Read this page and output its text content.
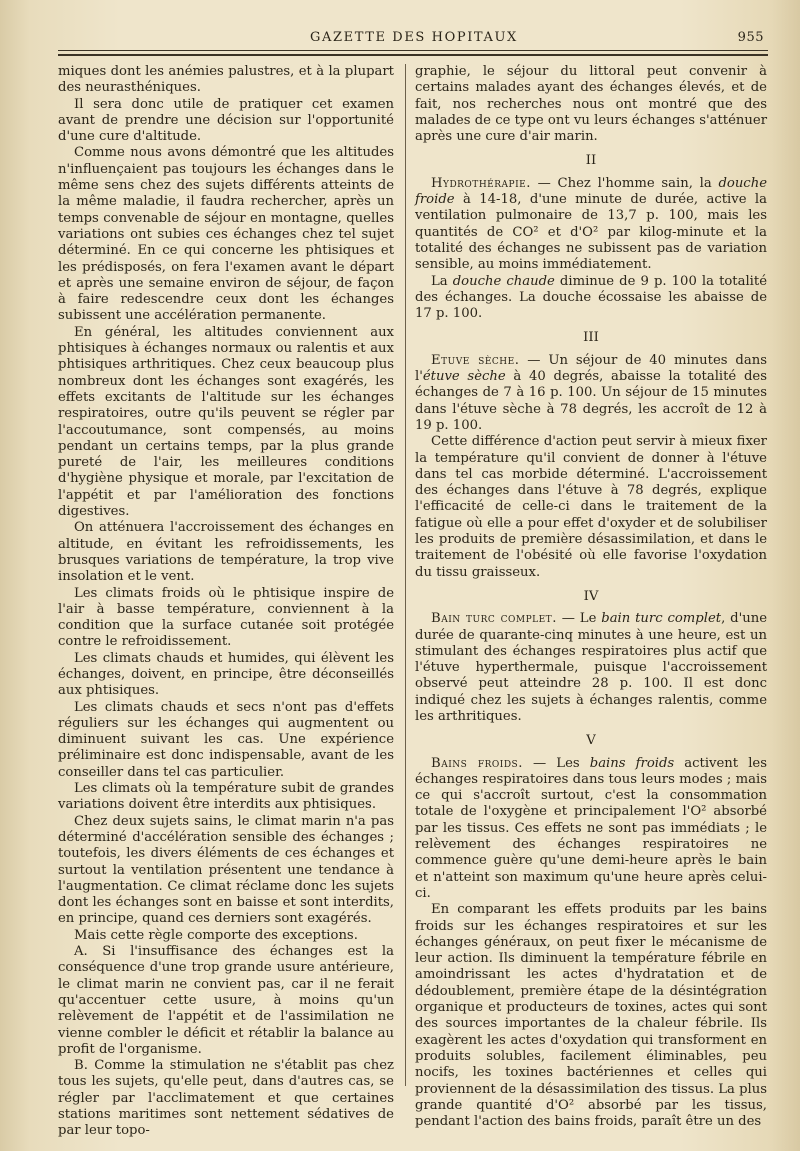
GAZETTE DES HOPITAUX	955

miques dont les anémies palustres, et à la plupart des neurasthéniques.

Il sera donc utile de pratiquer cet examen avant de prendre une décision sur l'opportunité d'une cure d'altitude.

Comme nous avons démontré que les altitudes n'influençaient pas toujours les échanges dans le même sens chez des sujets différents atteints de la même maladie, il faudra rechercher, après un temps convenable de séjour en montagne, quelles variations ont subies ces échanges chez tel sujet déterminé. En ce qui concerne les phtisiques et les prédisposés, on fera l'examen avant le départ et après une semaine environ de séjour, de façon à faire redescendre ceux dont les échanges subissent une accélération permanente.

En général, les altitudes conviennent aux phtisiques à échanges normaux ou ralentis et aux phtisiques arthritiques. Chez ceux beaucoup plus nombreux dont les échanges sont exagérés, les effets excitants de l'altitude sur les échanges respiratoires, outre qu'ils peuvent se régler par l'accoutumance, sont compensés, au moins pendant un certains temps, par la plus grande pureté de l'air, les meilleures conditions d'hygiène physique et morale, par l'excitation de l'appétit et par l'amélioration des fonctions digestives.

On atténuera l'accroissement des échanges en altitude, en évitant les refroidissements, les brusques variations de température, la trop vive insolation et le vent.

Les climats froids où le phtisique inspire de l'air à basse température, conviennent à la condition que la surface cutanée soit protégée contre le refroidissement.

Les climats chauds et humides, qui élèvent les échanges, doivent, en principe, être déconseillés aux phtisiques.

Les climats chauds et secs n'ont pas d'effets réguliers sur les échanges qui augmentent ou diminuent suivant les cas. Une expérience préliminaire est donc indispensable, avant de les conseiller dans tel cas particulier.

Les climats où la température subit de grandes variations doivent être interdits aux phtisiques.

Chez deux sujets sains, le climat marin n'a pas déterminé d'accélération sensible des échanges ; toutefois, les divers éléments de ces échanges et surtout la ventilation présentent une tendance à l'augmentation. Ce climat réclame donc les sujets dont les échanges sont en baisse et sont interdits, en principe, quand ces derniers sont exagérés.

Mais cette règle comporte des exceptions.

A. Si l'insuffisance des échanges est la conséquence d'une trop grande usure antérieure, le climat marin ne convient pas, car il ne ferait qu'accentuer cette usure, à moins qu'un relèvement de l'appétit et de l'assimilation ne vienne combler le déficit et rétablir la balance au profit de l'organisme.

B. Comme la stimulation ne s'établit pas chez tous les sujets, qu'elle peut, dans d'autres cas, se régler par l'acclimatement et que certaines stations maritimes sont nettement sédatives de par leur topo-

graphie, le séjour du littoral peut convenir à certains malades ayant des échanges élevés, et de fait, nos recherches nous ont montré que des malades de ce type ont vu leurs échanges s'atténuer après une cure d'air marin.

II

Hydrothérapie. — Chez l'homme sain, la douche froide à 14-18, d'une minute de durée, active la ventilation pulmonaire de 13,7 p. 100, mais les quantités de CO² et d'O² par kilog-minute et la totalité des échanges ne subissent pas de variation sensible, au moins immédiatement.

La douche chaude diminue de 9 p. 100 la totalité des échanges. La douche écossaise les abaisse de 17 p. 100.

III

Etuve sèche. — Un séjour de 40 minutes dans l'étuve sèche à 40 degrés, abaisse la totalité des échanges de 7 à 16 p. 100. Un séjour de 15 minutes dans l'étuve sèche à 78 degrés, les accroît de 12 à 19 p. 100.

Cette différence d'action peut servir à mieux fixer la température qu'il convient de donner à l'étuve dans tel cas morbide déterminé. L'accroissement des échanges dans l'étuve à 78 degrés, explique l'efficacité de celle-ci dans le traitement de la fatigue où elle a pour effet d'oxyder et de solubiliser les produits de première désassimilation, et dans le traitement de l'obésité où elle favorise l'oxydation du tissu graisseux.

IV

Bain turc complet. — Le bain turc complet, d'une durée de quarante-cinq minutes à une heure, est un stimulant des échanges respiratoires plus actif que l'étuve hyperthermale, puisque l'accroissement observé peut atteindre 28 p. 100. Il est donc indiqué chez les sujets à échanges ralentis, comme les arthritiques.

V

Bains froids. — Les bains froids activent les échanges respiratoires dans tous leurs modes ; mais ce qui s'accroît surtout, c'est la consommation totale de l'oxygène et principalement l'O² absorbé par les tissus. Ces effets ne sont pas immédiats ; le relèvement des échanges respiratoires ne commence guère qu'une demi-heure après le bain et n'atteint son maximum qu'une heure après celui-ci.

En comparant les effets produits par les bains froids sur les échanges respiratoires et sur les échanges généraux, on peut fixer le mécanisme de leur action. Ils diminuent la température fébrile en amoindrissant les actes d'hydratation et de dédoublement, première étape de la désintégration organique et producteurs de toxines, actes qui sont des sources importantes de la chaleur fébrile. Ils exagèrent les actes d'oxydation qui transforment en produits solubles, facilement éliminables, peu nocifs, les toxines bactériennes et celles qui proviennent de la désassimilation des tissus. La plus grande quantité d'O² absorbé par les tissus, pendant l'action des bains froids, paraît être un des
